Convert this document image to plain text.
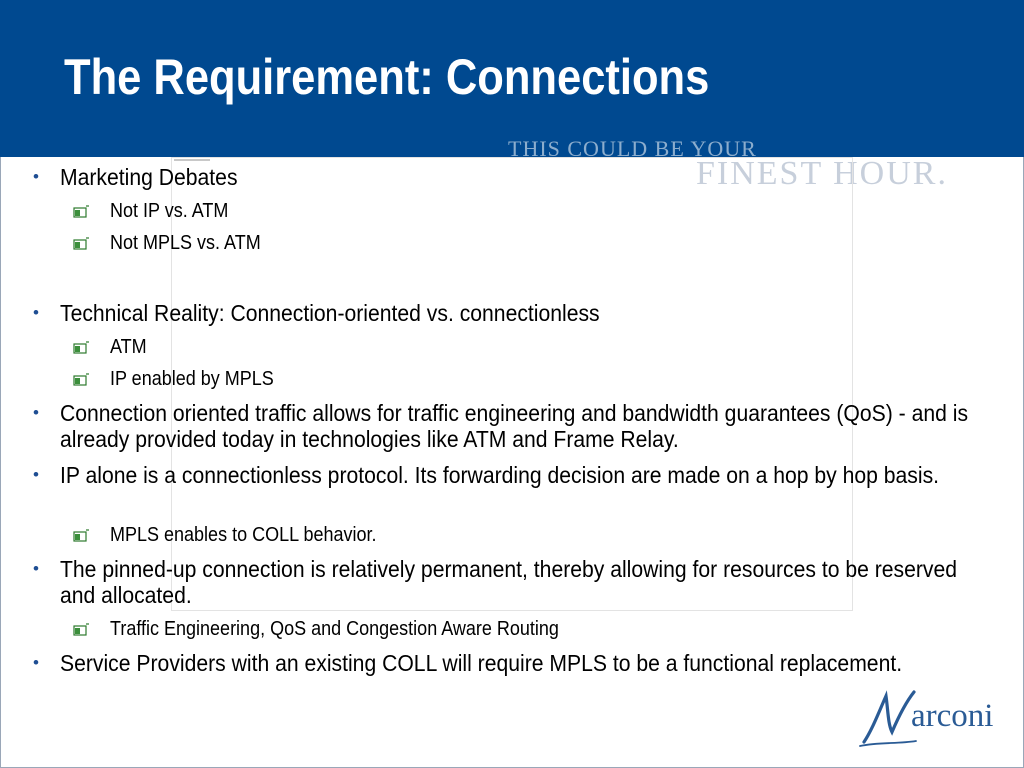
The Requirement: Connections
THIS COULD BE YOUR
FINEST HOUR.
• Marketing Debates
Not IP vs. ATM
Not MPLS vs. ATM
• Technical Reality: Connection-oriented vs. connectionless
ATM
IP enabled by MPLS
• Connection oriented traffic allows for traffic engineering and bandwidth guarantees (QoS) - and is already provided today in technologies like ATM and Frame Relay.
• IP alone is a connectionless protocol. Its forwarding decision are made on a hop by hop basis.
MPLS enables to COLL behavior.
• The pinned-up connection is relatively permanent, thereby allowing for resources to be reserved and allocated.
Traffic Engineering, QoS and Congestion Aware Routing
• Service Providers with an existing COLL will require MPLS to be a functional replacement.
arconi
